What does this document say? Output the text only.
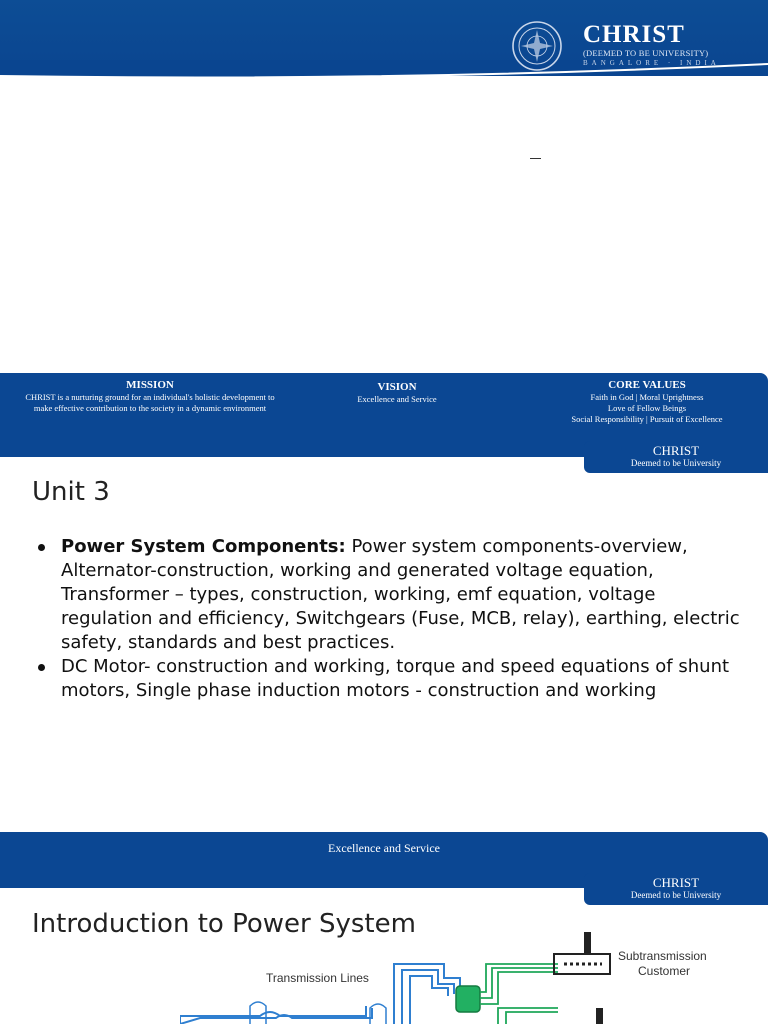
CHRIST
(DEEMED TO BE UNIVERSITY)
BANGALORE · INDIA
MISSION
CHRIST is a nurturing ground for an individual's holistic development to
make effective contribution to the society in a dynamic environment
VISION
Excellence and Service
CORE VALUES
Faith in God | Moral Uprightness
Love of Fellow Beings
Social Responsibility | Pursuit of Excellence
CHRIST
Deemed to be University
Unit 3
Power System Components: Power system components-overview, Alternator-construction, working and generated voltage equation, Transformer – types, construction, working, emf equation, voltage regulation and efficiency, Switchgears (Fuse, MCB, relay), earthing, electric safety, standards and best practices.
DC Motor- construction and working, torque and speed equations of shunt motors, Single phase induction motors - construction and working
Excellence and Service
CHRIST
Deemed to be University
Introduction to Power System
Transmission Lines
Subtransmission
Customer
